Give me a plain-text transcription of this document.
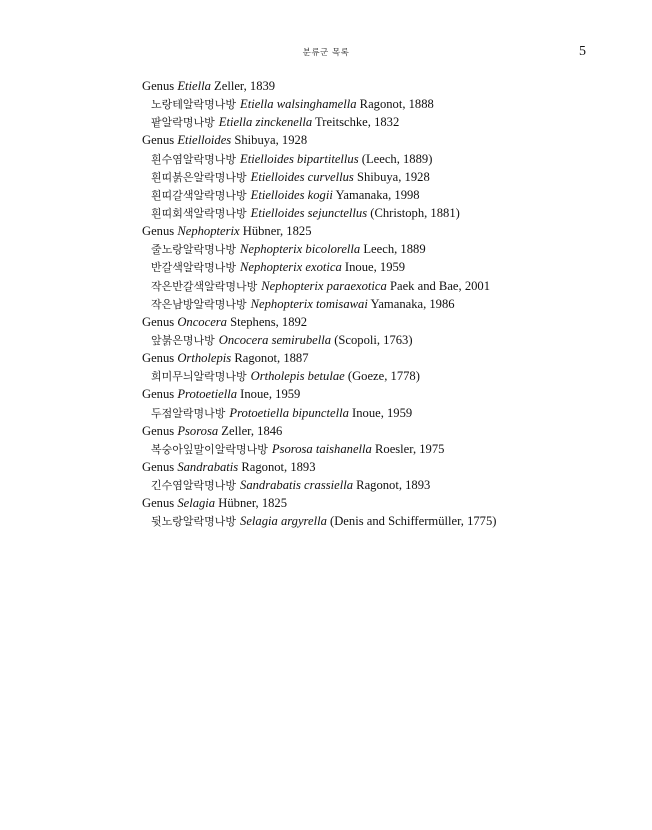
분류군 목록	5
Genus Etiella Zeller, 1839
노랑테알락명나방 Etiella walsinghamella Ragonot, 1888
팥알락명나방 Etiella zinckenella Treitschke, 1832
Genus Etielloides Shibuya, 1928
흰수염알락명나방 Etielloides bipartitellus (Leech, 1889)
흰띠붉은알락명나방 Etielloides curvellus Shibuya, 1928
흰띠갈색알락명나방 Etielloides kogii Yamanaka, 1998
흰띠회색알락명나방 Etielloides sejunctellus (Christoph, 1881)
Genus Nephopterix Hübner, 1825
줄노랑알락명나방 Nephopterix bicolorella Leech, 1889
반갈색알락명나방 Nephopterix exotica Inoue, 1959
작은반갈색알락명나방 Nephopterix paraexotica Paek and Bae, 2001
작은남방알락명나방 Nephopterix tomisawai Yamanaka, 1986
Genus Oncocera Stephens, 1892
앞붉은명나방 Oncocera semirubella (Scopoli, 1763)
Genus Ortholepis Ragonot, 1887
희미무늬알락명나방 Ortholepis betulae (Goeze, 1778)
Genus Protoetiella Inoue, 1959
두점알락명나방 Protoetiella bipunctella Inoue, 1959
Genus Psorosa Zeller, 1846
복숭아잎말이알락명나방 Psorosa taishanella Roesler, 1975
Genus Sandrabatis Ragonot, 1893
긴수염알락명나방 Sandrabatis crassiella Ragonot, 1893
Genus Selagia Hübner, 1825
뒷노랑알락명나방 Selagia argyrella (Denis and Schiffermüller, 1775)
